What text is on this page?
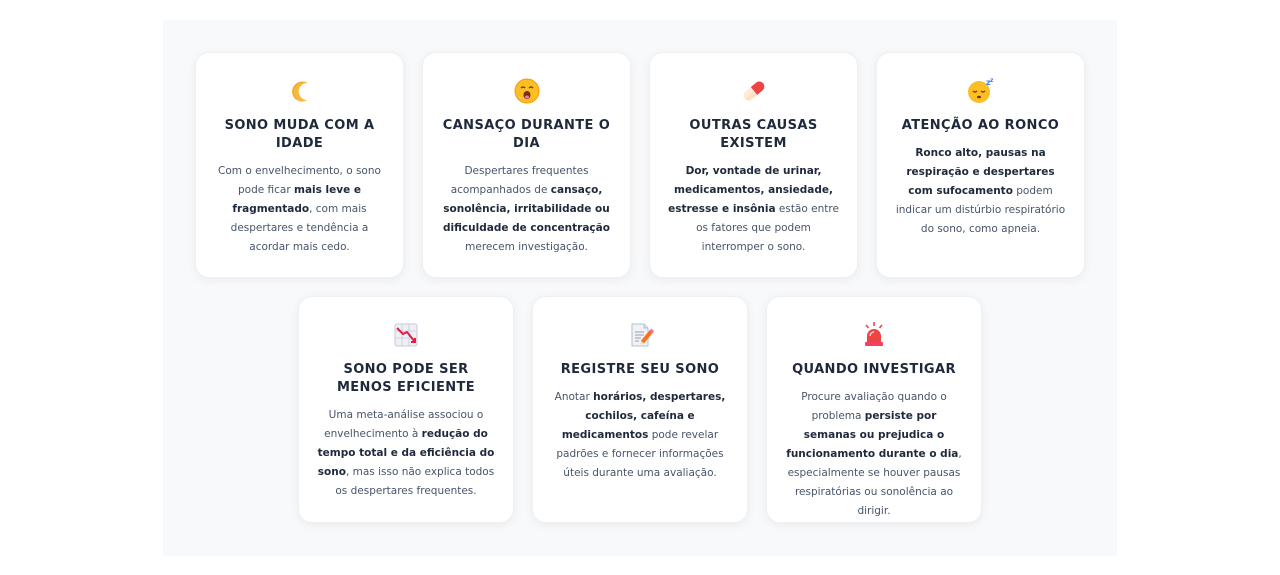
SONO MUDA COM A IDADE

Com o envelhecimento, o sono pode ficar mais leve e fragmentado, com mais despertares e tendência a acordar mais cedo.

CANSAÇO DURANTE O DIA

Despertares frequentes acompanhados de cansaço, sonolência, irritabilidade ou dificuldade de concentração merecem investigação.

OUTRAS CAUSAS EXISTEM

Dor, vontade de urinar, medicamentos, ansiedade, estresse e insônia estão entre os fatores que podem interromper o sono.

z z
ATENÇÃO AO RONCO

Ronco alto, pausas na respiração e despertares com sufocamento podem indicar um distúrbio respiratório do sono, como apneia.

SONO PODE SER MENOS EFICIENTE

Uma meta-análise associou o envelhecimento à redução do tempo total e da eficiência do sono, mas isso não explica todos os despertares frequentes.

REGISTRE SEU SONO

Anotar horários, despertares, cochilos, cafeína e medicamentos pode revelar padrões e fornecer informações úteis durante uma avaliação.

QUANDO INVESTIGAR

Procure avaliação quando o problema persiste por semanas ou prejudica o funcionamento durante o dia, especialmente se houver pausas respiratórias ou sonolência ao dirigir.
